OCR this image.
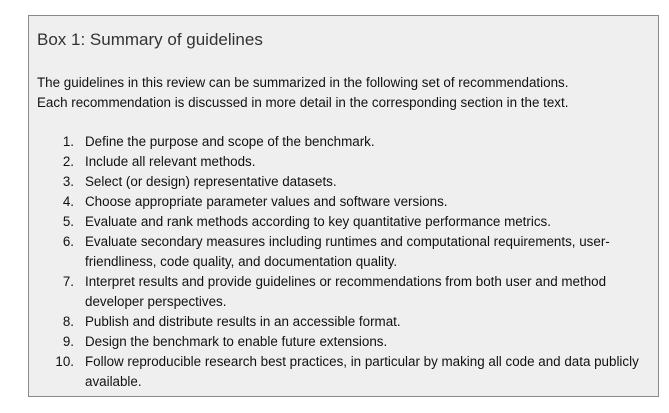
Box 1: Summary of guidelines

The guidelines in this review can be summarized in the following set of recommendations.

Each recommendation is discussed in more detail in the corresponding section in the text.

1. Define the purpose and scope of the benchmark.
2. Include all relevant methods.
3. Select (or design) representative datasets.
4. Choose appropriate parameter values and software versions.
5. Evaluate and rank methods according to key quantitative performance metrics.
6. Evaluate secondary measures including runtimes and computational requirements, user-friendliness, code quality, and documentation quality.
7. Interpret results and provide guidelines or recommendations from both user and method developer perspectives.
8. Publish and distribute results in an accessible format.
9. Design the benchmark to enable future extensions.
10. Follow reproducible research best practices, in particular by making all code and data publicly available.
